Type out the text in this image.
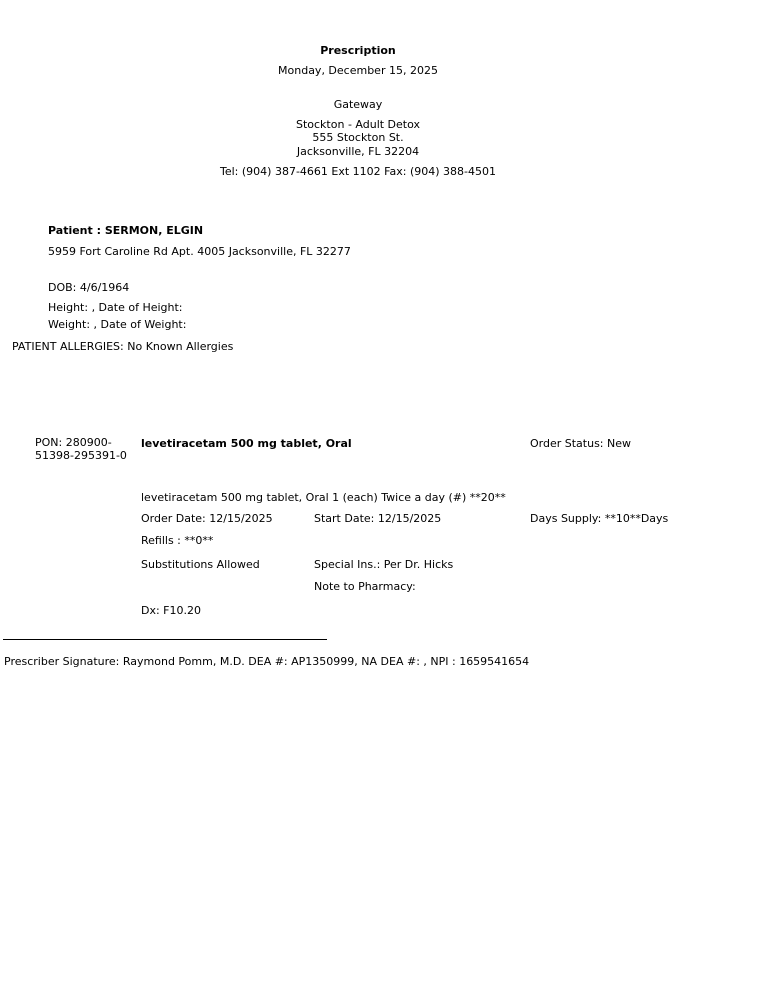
Prescription
Monday, December 15, 2025
Gateway
Stockton - Adult Detox
555 Stockton St.
Jacksonville, FL 32204
Tel: (904) 387-4661 Ext 1102 Fax: (904) 388-4501
Patient : SERMON, ELGIN
5959 Fort Caroline Rd Apt. 4005 Jacksonville, FL 32277
DOB: 4/6/1964
Height: , Date of Height:
Weight: , Date of Weight:
PATIENT ALLERGIES: No Known Allergies
PON: 280900-
51398-295391-0
levetiracetam 500 mg tablet, Oral	Order Status: New
levetiracetam 500 mg tablet, Oral 1 (each) Twice a day (#) **20**
Order Date: 12/15/2025	Start Date: 12/15/2025	Days Supply: **10**Days
Refills : **0**
Substitutions Allowed	Special Ins.: Per Dr. Hicks
Note to Pharmacy:
Dx: F10.20
Prescriber Signature: Raymond Pomm, M.D. DEA #: AP1350999, NA DEA #: , NPI : 1659541654
